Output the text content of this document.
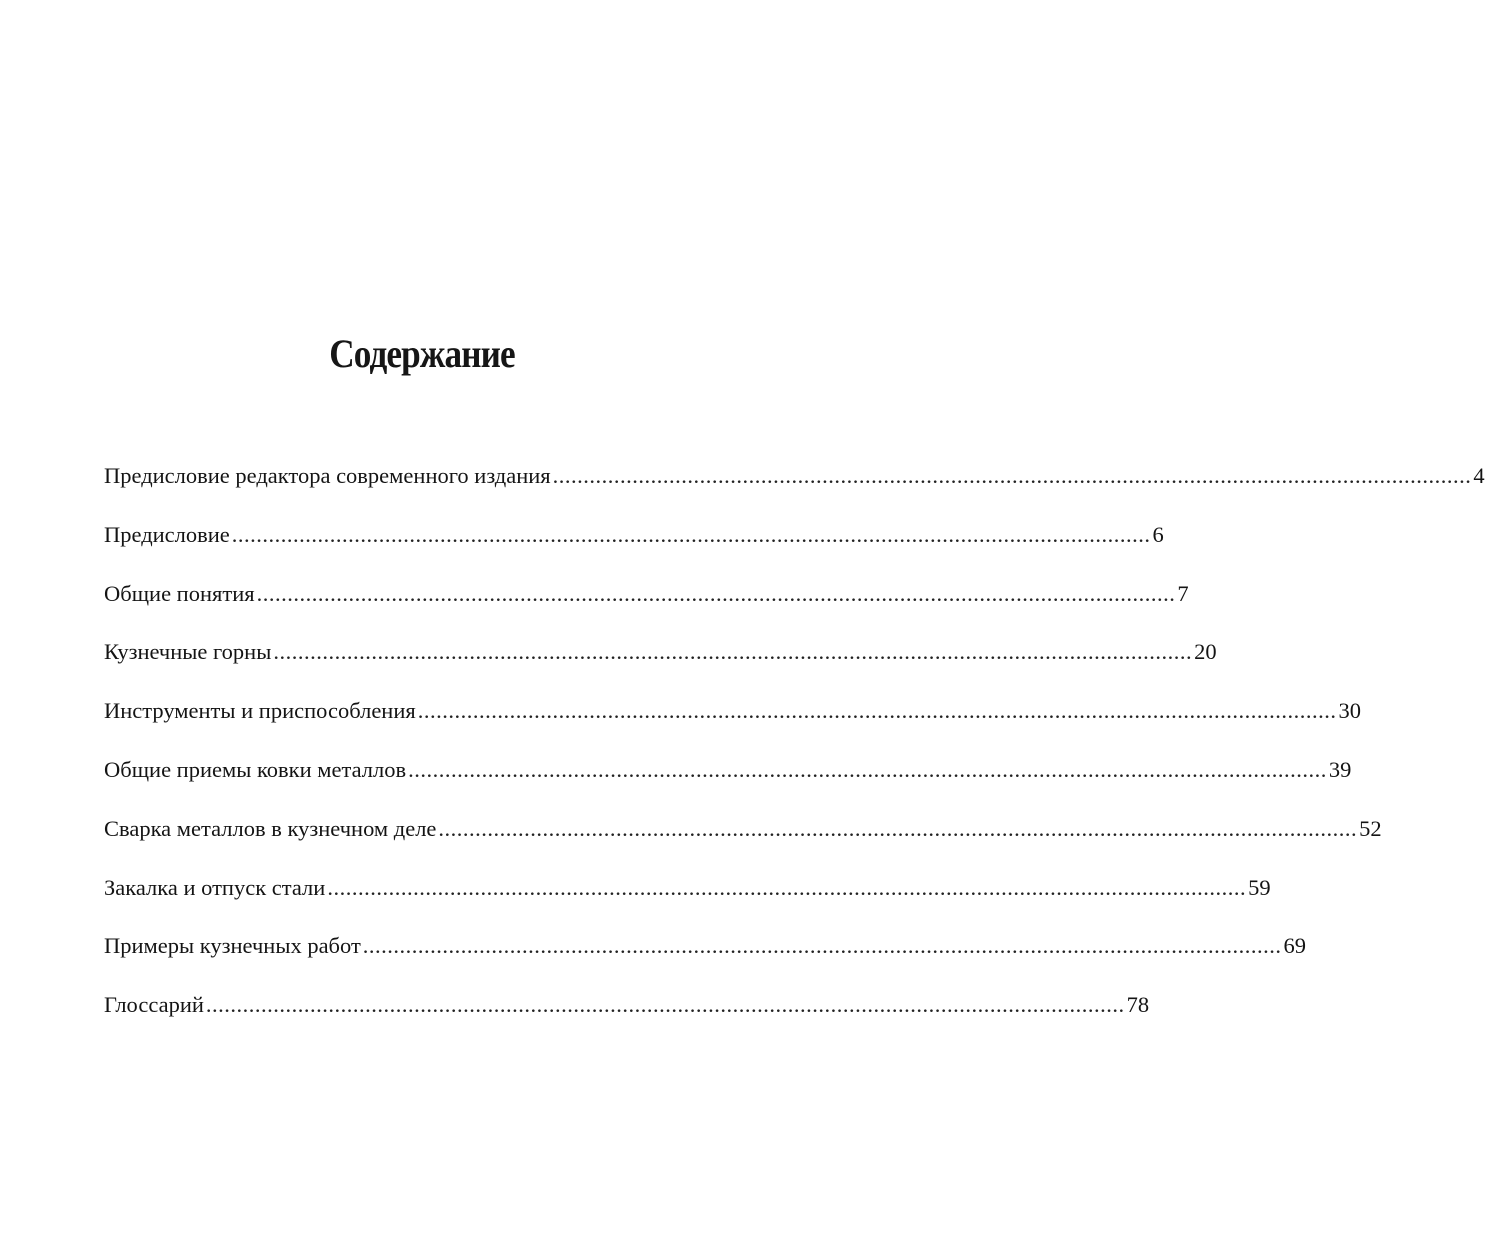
Содержание
Предисловие редактора современного издания ...................................................................................................................................................... 4
Предисловие ...................................................................................................................................................... 6
Общие понятия ...................................................................................................................................................... 7
Кузнечные горны ...................................................................................................................................................... 20
Инструменты и приспособления ...................................................................................................................................................... 30
Общие приемы ковки металлов ...................................................................................................................................................... 39
Сварка металлов в кузнечном деле ...................................................................................................................................................... 52
Закалка и отпуск стали ...................................................................................................................................................... 59
Примеры кузнечных работ ...................................................................................................................................................... 69
Глоссарий ...................................................................................................................................................... 78
